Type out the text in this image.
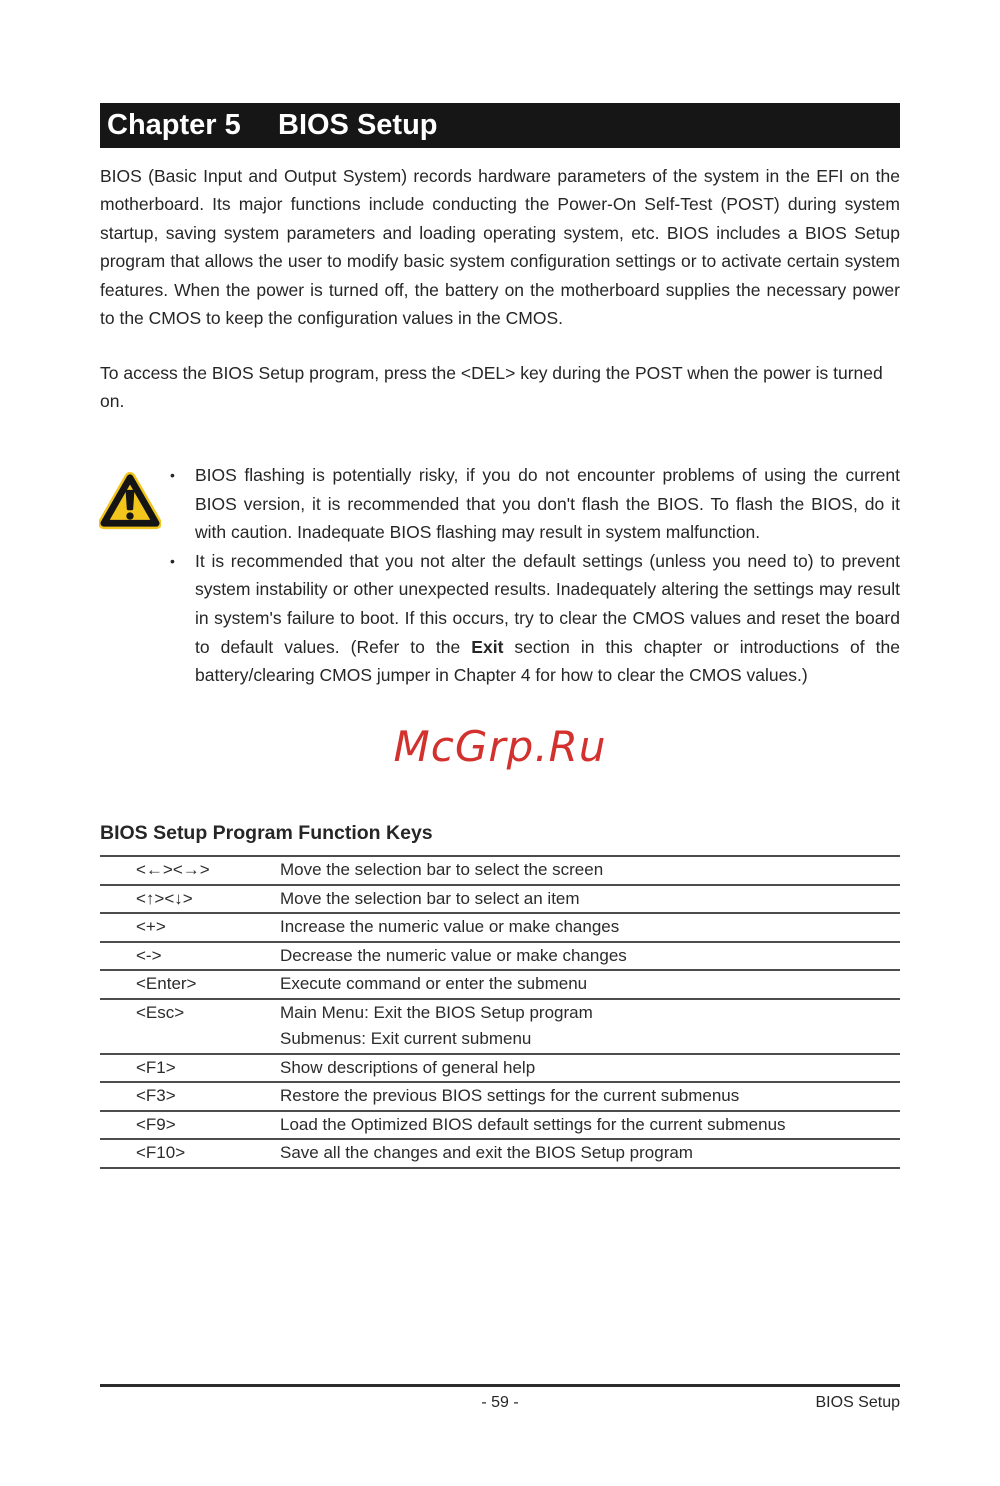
Chapter 5	BIOS Setup
BIOS (Basic Input and Output System) records hardware parameters of the system in the EFI on the motherboard. Its major functions include conducting the Power-On Self-Test (POST) during system startup, saving system parameters and loading operating system, etc. BIOS includes a BIOS Setup program that allows the user to modify basic system configuration settings or to activate certain system features. When the power is turned off, the battery on the motherboard supplies the necessary power to the CMOS to keep the configuration values in the CMOS.
To access the BIOS Setup program, press the <DEL> key during the POST when the power is turned on.
•	BIOS flashing is potentially risky, if you do not encounter problems of using the current BIOS version, it is recommended that you don't flash the BIOS. To flash the BIOS, do it with caution. Inadequate BIOS flashing may result in system malfunction.
•	It is recommended that you not alter the default settings (unless you need to) to prevent system instability or other unexpected results. Inadequately altering the settings may result in system's failure to boot. If this occurs, try to clear the CMOS values and reset the board to default values. (Refer to the Exit section in this chapter or introductions of the battery/clearing CMOS jumper in Chapter 4 for how to clear the CMOS values.)
McGrp.Ru
BIOS Setup Program Function Keys
<←><→>	Move the selection bar to select the screen
<↑><↓>	Move the selection bar to select an item
<+>	Increase the numeric value or make changes
<->	Decrease the numeric value or make changes
<Enter>	Execute command or enter the submenu
<Esc>	Main Menu: Exit the BIOS Setup program
Submenus: Exit current submenu
<F1>	Show descriptions of general help
<F3>	Restore the previous BIOS settings for the current submenus
<F9>	Load the Optimized BIOS default settings for the current submenus
<F10>	Save all the changes and exit the BIOS Setup program
- 59 -	BIOS Setup
